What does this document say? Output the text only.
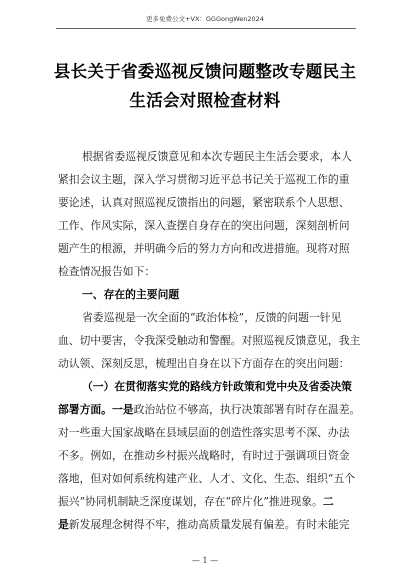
更多免费公文+VX：GGGongWen2024
县长关于省委巡视反馈问题整改专题民主
生活会对照检查材料
根据省委巡视反馈意见和本次专题民主生活会要求，本人
紧扣会议主题，深入学习贯彻习近平总书记关于巡视工作的重
要论述，认真对照巡视反馈指出的问题，紧密联系个人思想、
工作、作风实际，深入查摆自身存在的突出问题，深刻剖析问
题产生的根源，并明确今后的努力方向和改进措施。现将对照
检查情况报告如下：
一、存在的主要问题
省委巡视是一次全面的“政治体检”，反馈的问题一针见
血、切中要害，令我深受触动和警醒。对照巡视反馈意见，我主
动认领、深刻反思，梳理出自身在以下方面存在的突出问题：
（一）在贯彻落实党的路线方针政策和党中央及省委决策
部署方面。一是政治站位不够高，执行决策部署有时存在温差。
对一些重大国家战略在县域层面的创造性落实思考不深、办法
不多。例如，在推动乡村振兴战略时，有时过于强调项目资金
落地，但对如何系统构建产业、人才、文化、生态、组织“五个
振兴”协同机制缺乏深度谋划，存在“碎片化”推进现象。二
是新发展理念树得不牢，推动高质量发展有偏差。有时未能完
— 1 —
